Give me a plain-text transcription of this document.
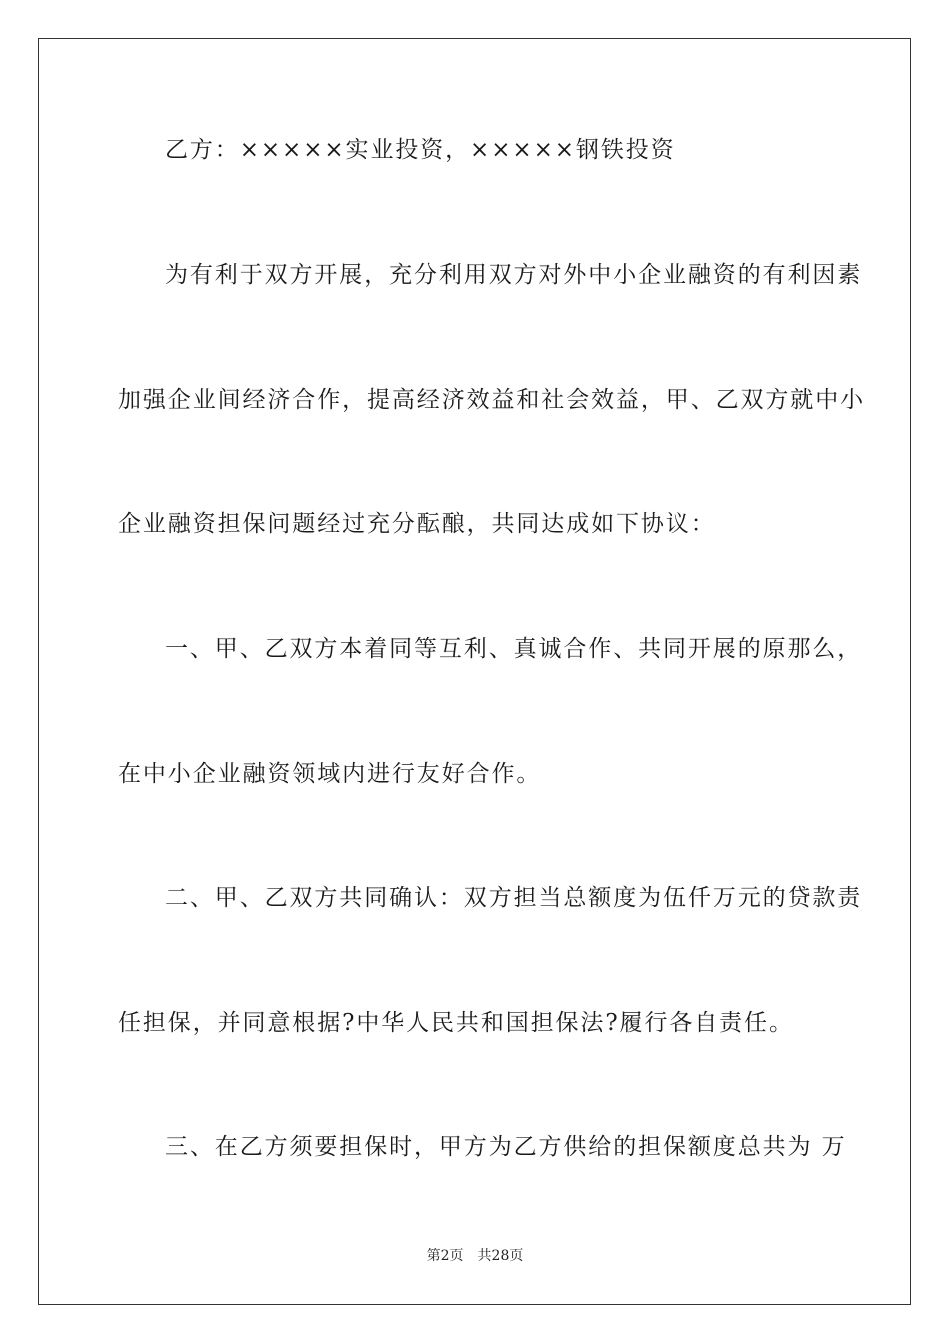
乙方：×××××实业投资，×××××钢铁投资

为有利于双方开展，充分利用双方对外中小企业融资的有利因素

加强企业间经济合作，提高经济效益和社会效益，甲、乙双方就中小

企业融资担保问题经过充分酝酿，共同达成如下协议：

一、甲、乙双方本着同等互利、真诚合作、共同开展的原那么，

在中小企业融资领域内进行友好合作。

二、甲、乙双方共同确认：双方担当总额度为伍仟万元的贷款责

任担保，并同意根据?中华人民共和国担保法?履行各自责任。

三、在乙方须要担保时，甲方为乙方供给的担保额度总共为 万

第2页 共28页
